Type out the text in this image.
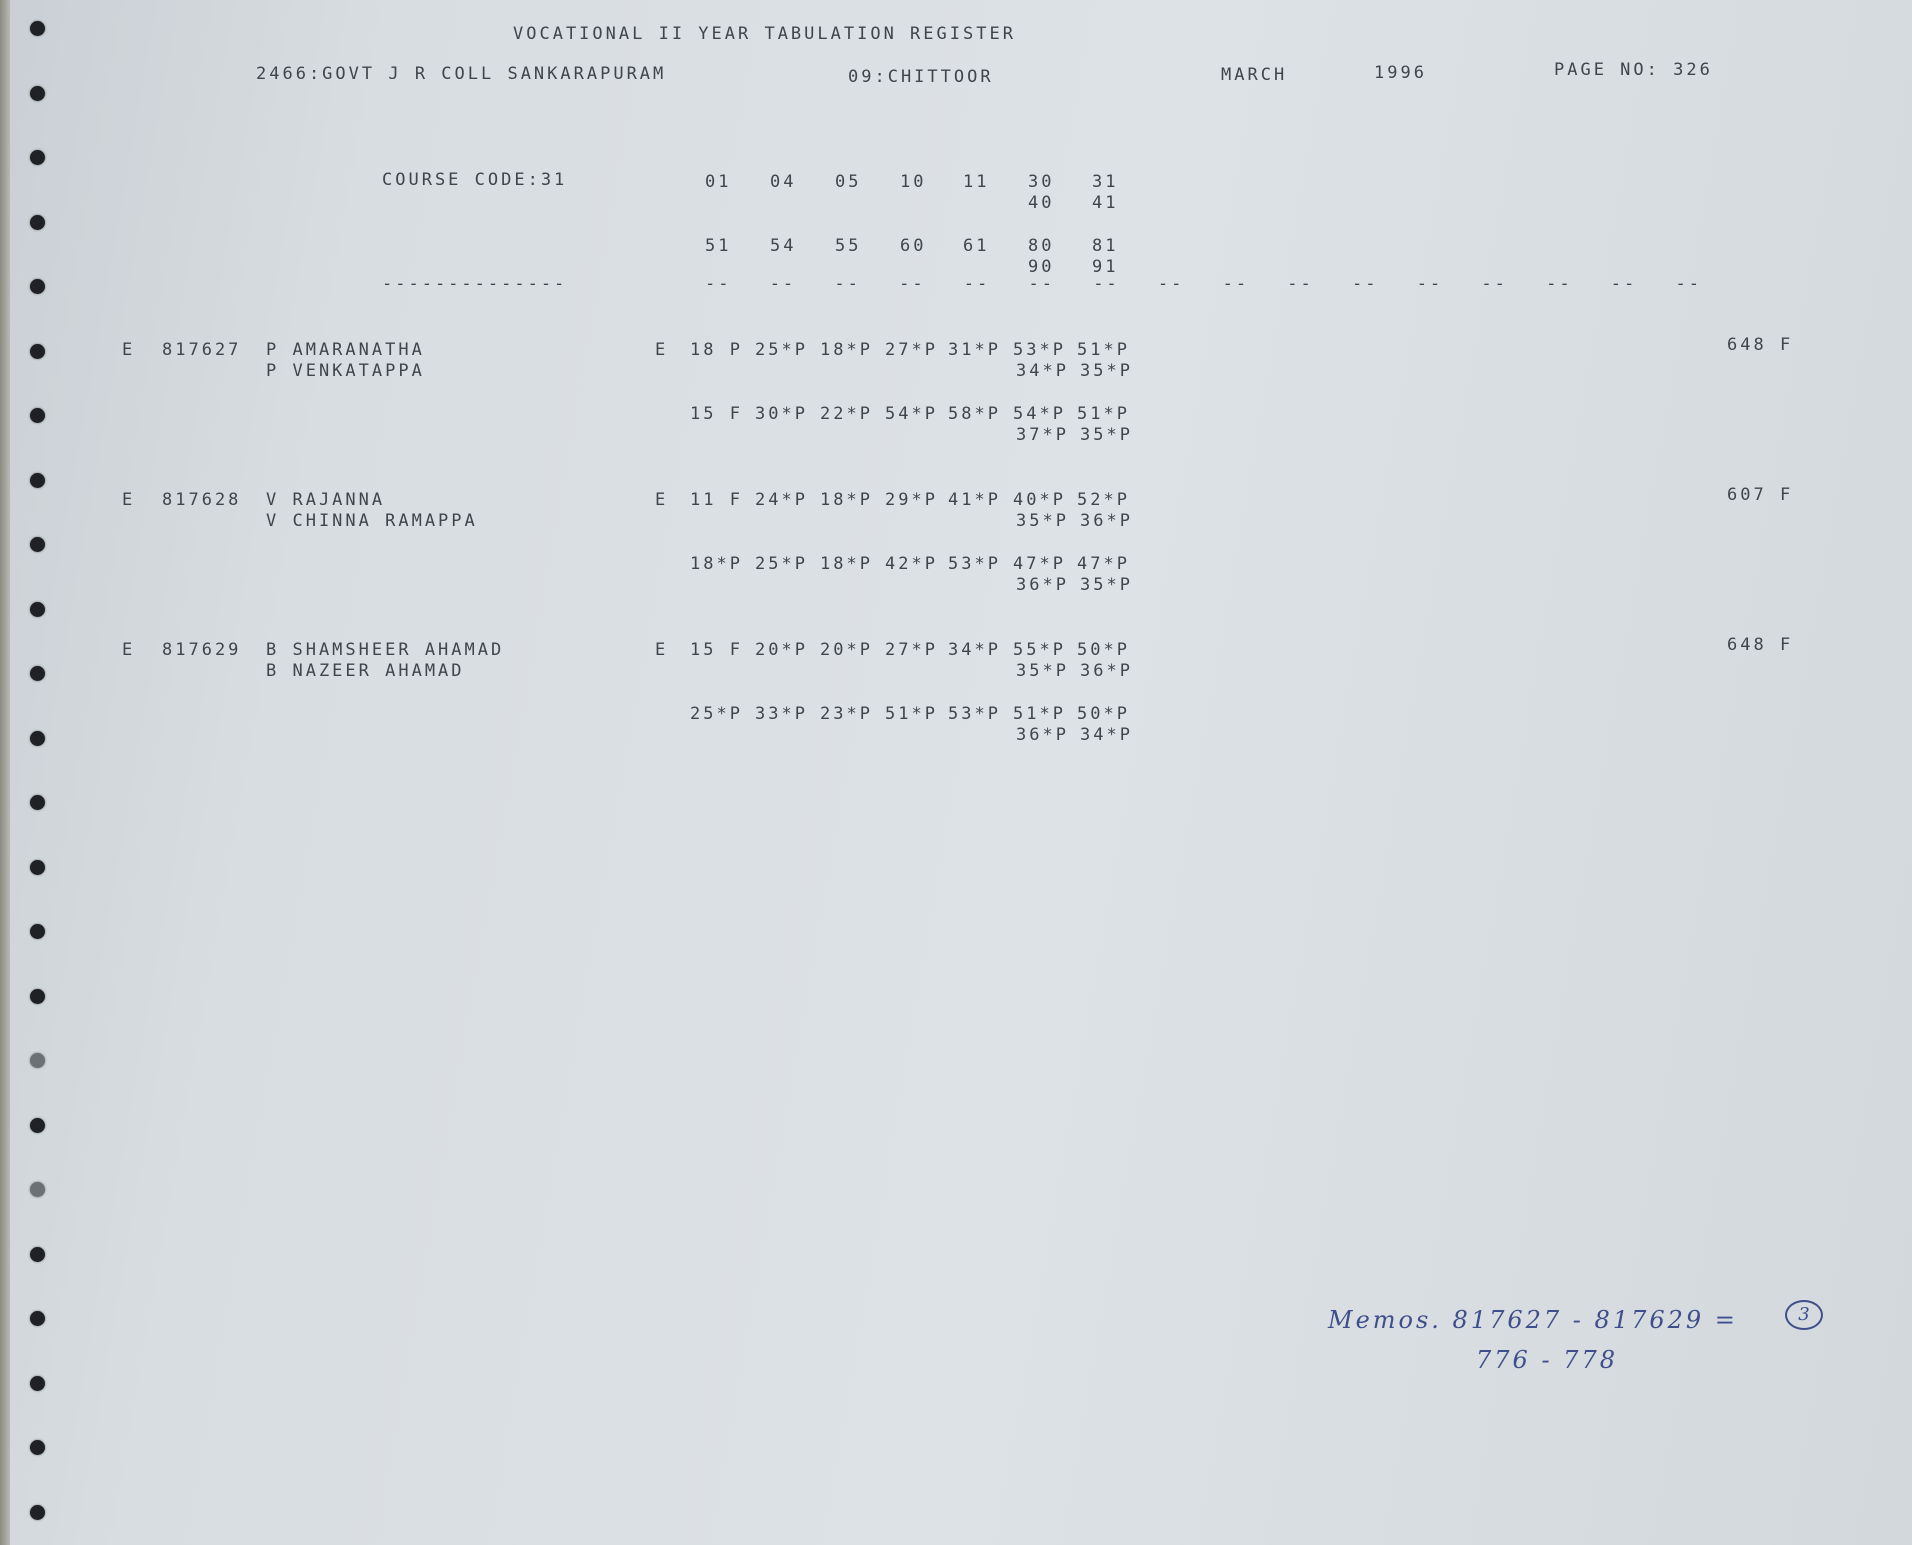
VOCATIONAL II YEAR TABULATION REGISTER
2466:GOVT J R COLL SANKARAPURAM	09:CHITTOOR	MARCH	1996	PAGE NO: 326
COURSE CODE:31
--------------
01 04 05 10 11 30 31
40 41
51 54 55 60 61 80 81
90 91
-- -- -- -- -- -- -- -- -- -- -- -- -- -- -- --
E 817627 P AMARANATHA
P VENKATAPPA
E 18 P 25*P 18*P 27*P 31*P 53*P 51*P
34*P 35*P
15 F 30*P 22*P 54*P 58*P 54*P 51*P
37*P 35*P
648 F
E 817628 V RAJANNA
V CHINNA RAMAPPA
E 11 F 24*P 18*P 29*P 41*P 40*P 52*P
35*P 36*P
18*P 25*P 18*P 42*P 53*P 47*P 47*P
36*P 35*P
607 F
E 817629 B SHAMSHEER AHAMAD
B NAZEER AHAMAD
E 15 F 20*P 20*P 27*P 34*P 55*P 50*P
35*P 36*P
25*P 33*P 23*P 51*P 53*P 51*P 50*P
36*P 34*P
648 F
Memos. 817627 - 817629 =	3
776 - 778
